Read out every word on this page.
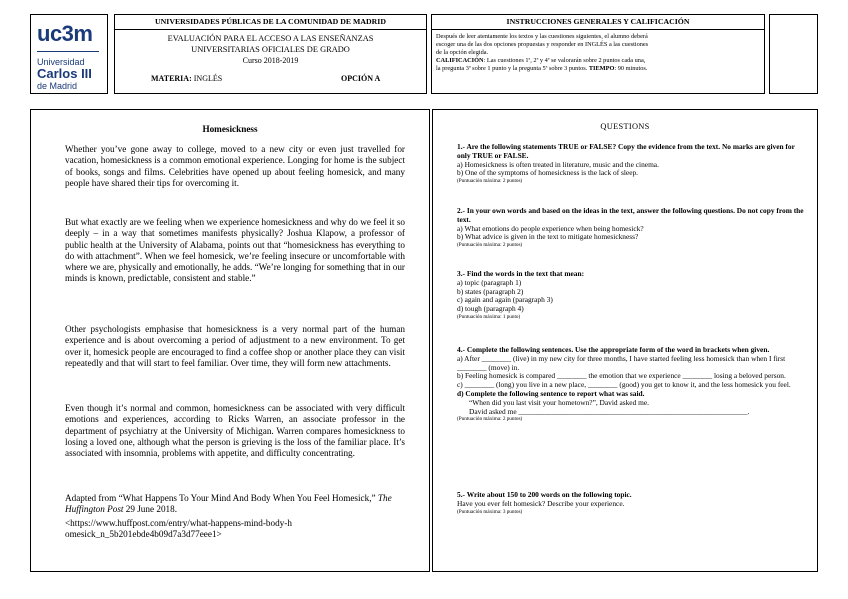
uc3m
Universidad
Carlos III
de Madrid
UNIVERSIDADES PÚBLICAS DE LA COMUNIDAD DE MADRID
EVALUACIÓN PARA EL ACCESO A LAS ENSEÑANZAS
UNIVERSITARIAS OFICIALES DE GRADO
Curso 2018-2019
MATERIA: INGLÉS	OPCIÓN A
INSTRUCCIONES GENERALES Y CALIFICACIÓN
Después de leer atentamente los textos y las cuestiones siguientes, el alumno deberá
escoger una de las dos opciones propuestas y responder en INGLÉS a las cuestiones
de la opción elegida.
CALIFICACIÓN: Las cuestiones 1ª, 2ª y 4ª se valorarán sobre 2 puntos cada una,
la pregunta 3ª sobre 1 punto y la pregunta 5ª sobre 3 puntos. TIEMPO: 90 minutos.
Homesickness

Whether you’ve gone away to college, moved to a new city or even just travelled for vacation, homesickness is a common emotional experience. Longing for home is the subject of books, songs and films. Celebrities have opened up about feeling homesick, and many people have shared their tips for overcoming it.

But what exactly are we feeling when we experience homesickness and why do we feel it so deeply – in a way that sometimes manifests physically? Joshua Klapow, a professor of public health at the University of Alabama, points out that “homesickness has everything to do with attachment”. When we feel homesick, we’re feeling insecure or uncomfortable with where we are, physically and emotionally, he adds. “We’re longing for something that in our minds is known, predictable, consistent and stable.”

Other psychologists emphasise that homesickness is a very normal part of the human experience and is about overcoming a period of adjustment to a new environment. To get over it, homesick people are encouraged to find a coffee shop or another place they can visit repeatedly and that will start to feel familiar. Over time, they will form new attachments.

Even though it’s normal and common, homesickness can be associated with very difficult emotions and experiences, according to Ricks Warren, an associate professor in the department of psychiatry at the University of Michigan. Warren compares homesickness to losing a loved one, although what the person is grieving is the loss of the familiar place. It’s associated with insomnia, problems with appetite, and difficulty concentrating.

Adapted from “What Happens To Your Mind And Body When You Feel Homesick,” The Huffington Post 29 June 2018.

<https://www.huffpost.com/entry/what-happens-mind-body-homesick_n_5b201ebde4b09d7a3d77eee1>

QUESTIONS

1.- Are the following statements TRUE or FALSE? Copy the evidence from the text. No marks are given for only TRUE or FALSE.

a) Homesickness is often treated in literature, music and the cinema.

b) One of the symptoms of homesickness is the lack of sleep.

(Puntuación máxima: 2 puntos)

2.- In your own words and based on the ideas in the text, answer the following questions. Do not copy from the text.

a) What emotions do people experience when being homesick?

b) What advice is given in the text to mitigate homesickness?

(Puntuación máxima: 2 puntos)

3.- Find the words in the text that mean:

a) topic (paragraph 1)

b) states (paragraph 2)

c) again and again (paragraph 3)

d) tough (paragraph 4)

(Puntuación máxima: 1 punto)

4.- Complete the following sentences. Use the appropriate form of the word in brackets when given.

a) After ________ (live) in my new city for three months, I have started feeling less homesick than when I first ________ (move) in.

b) Feeling homesick is compared ________ the emotion that we experience ________ losing a beloved person.

c) ________ (long) you live in a new place, ________ (good) you get to know it, and the less homesick you feel.

d) Complete the following sentence to report what was said.

“When did you last visit your hometown?”, David asked me.

David asked me ______________________________________________________________.

(Puntuación máxima: 2 puntos)

5.- Write about 150 to 200 words on the following topic.

Have you ever felt homesick? Describe your experience.

(Puntuación máxima: 3 puntos)
